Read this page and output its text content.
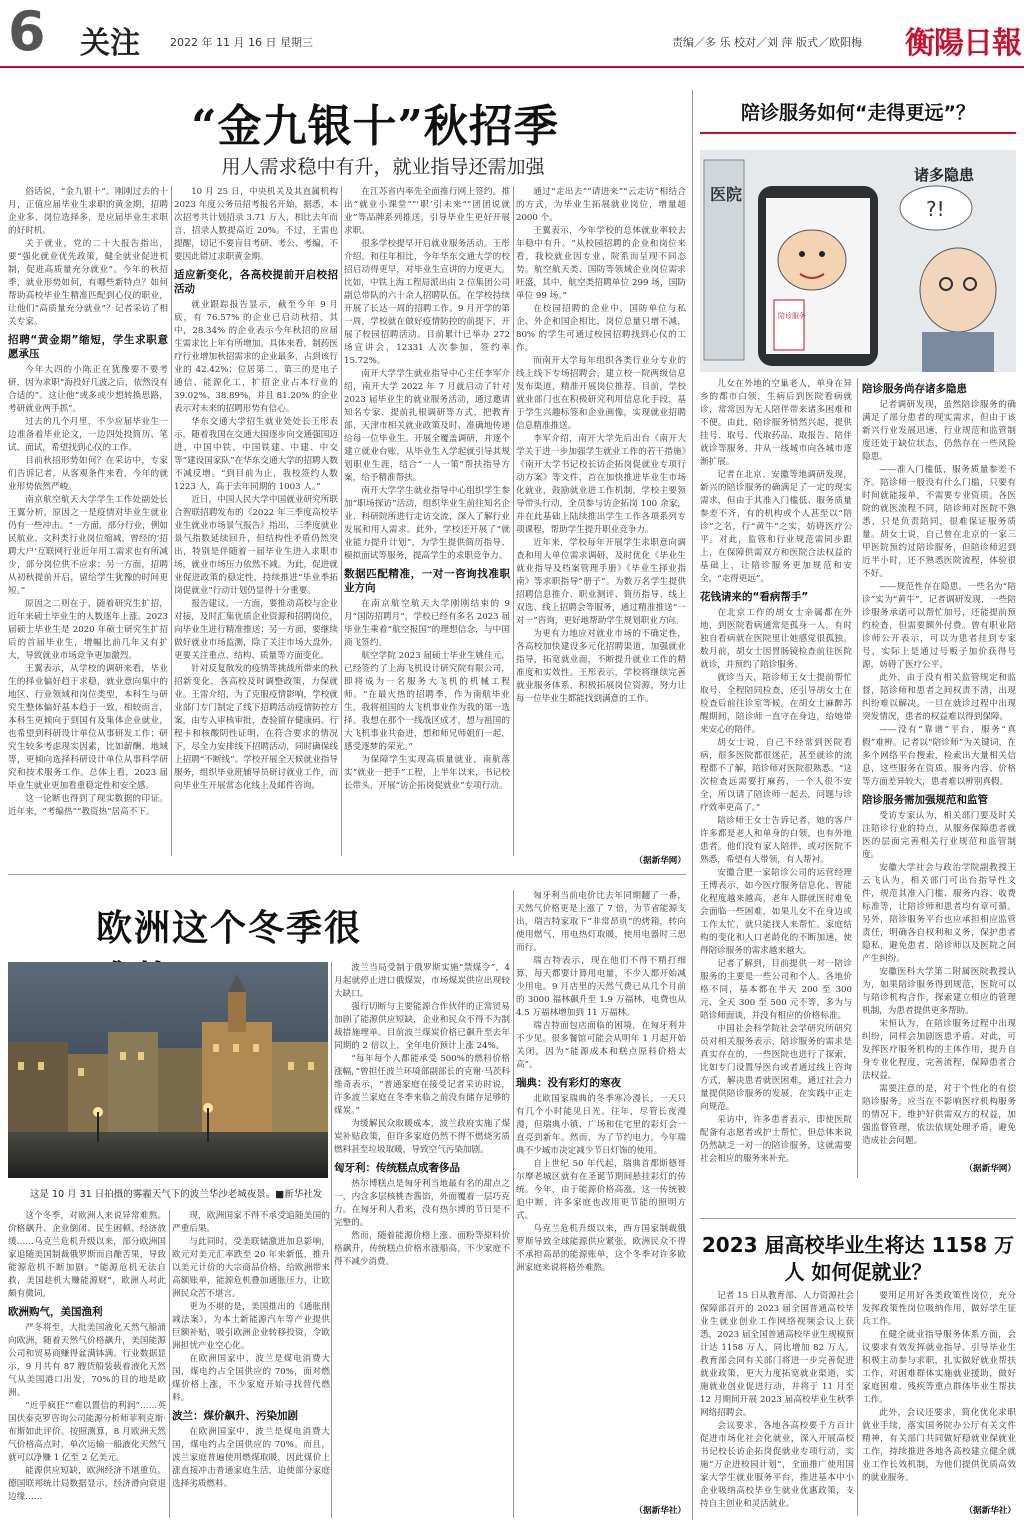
6 关注	2022 年 11 月 16 日 星期三	责编／多 乐 校对／刘 萍 版式／欧阳梅 衡陽日報
“金九银十”秋招季
用人需求稳中有升，就业指导还需加强

俗话说，“金九银十”。刚刚过去的十月，正值应届毕业生求职的黄金期，招聘企业多、岗位选择多，是应届毕业生求职的好时机。

关于就业，党的二十大报告指出，要“强化就业优先政策，健全就业促进机制，促进高质量充分就业”。今年的秋招季，就业形势如何，有哪些新特点？如何帮助高校毕业生精准匹配到心仪的职业，让他们“高质量充分就业”？记者采访了相关专家。

招聘“黄金期”缩短，学生求职意愿承压

今年大四的小陈正在犹豫要不要考研，因为求职“海投好几波之后，依然没有合适的”。这让他“或多或少想转换思路，考研就业两手抓”。

过去的几个月里，不少应届毕业生一边准备着毕业论文，一边四处投简历、笔试、面试，希望找到心仪的工作。

目前秋招形势如何？在采访中，专家们告诉记者，从客观条件来看，今年的就业形势依然严峻。

南京航空航天大学学生工作处副处长王翼分析，原因之一是疫情对毕业生就业仍有一些冲击。“一方面，部分行业，例如民航业、文科类行业岗位缩减，曾经的‘招聘大户’互联网行业近年用工需求也有所减少，部分岗位供不应求；另一方面，招聘从初秋提前开启，留给学生犹豫的时间更短。”

原因之二则在于，随着研究生扩招，近年来硕士毕业生的人数逐年上涨。2023 届硕士毕业生是 2020 年硕士研究生扩招后的首届毕业生，增幅比前几年又有扩大，导致就业市场竞争更加激烈。

王翼表示，从学校的调研来看，毕业生的择业偏好趋于求稳，就业意向集中的地区、行业领域和岗位类型，本科生与研究生整体偏好基本趋于一致，相较而言，本科生更倾向于到国有及集体企业就业，也希望到科研设计单位从事研发工作；研究生较多考虑现实因素，比如薪酬、地域等，更倾向选择科研设计单位从事科学研究和技术服务工作。总体上看，2023 届毕业生就业更加看重稳定性和安全感。

这一论断也得到了现实数据的印证。近年来，“考编热”“教资热”居高不下。

10 月 25 日，中央机关及其直属机构 2023 年度公务员招考报名开始，据悉，本次招考共计划招录 3.71 万人，相比去年而言，招录人数提高近 20%。不过，王雷也提醒，切记不要盲目考研、考公、考编，不要因此错过求职黄金期。

适应新变化，各高校提前开启校招活动

就业跟踪报告显示，截至今年 9 月底，有 76.57% 的企业已启动秋招，其中，28.34% 的企业表示今年秋招的应届生需求比上年有所增加。具体来看，制药医疗行业增加秋招需求的企业最多，占到该行业的 42.42%；位居第二、第三的是电子通信、能源化工，扩招企业占本行业的 39.02%、38.89%，并且 81.20% 的企业表示对未来的招聘形势有信心。

华东交通大学招生就业处处长王彤表示，随着我国在交通大国逐步向交通强国迈进，中国中铁、中国铁建、中建、中交等“建设国家队”在华东交通大学的招聘人数不减反增。“到目前为止，我校签约人数 1223 人，高于去年同期的 1003 人。”

近日，中国人民大学中国就业研究所联合智联招聘发布的《2022 年三季度高校毕业生就业市场景气报告》指出，三季度就业景气指数延续回升，但结构性矛盾仍然突出，特别是伴随着一届毕业生进入求职市场，就业市场压力依然不减。为此，促进就业促进政策的稳定性，持续推进“毕业季拓岗促就业”行动计划仍显得十分重要。

报告建议，一方面，要推动高校与企业对接，及时汇集优质企业资源和招聘岗位，向毕业生进行精准推送；另一方面，要继续做好就业市场监测，除了关注市场大盘外，更要关注重点、结构、质量等方面变化。

针对反复散发的疫情等挑战所带来的秋招新变化，各高校及时调整政策，力保就业。王雷介绍，为了克服疫情影响，学校就业部门专门制定了线下招聘活动疫情防控方案，由专人审核审批，查验留存健康码、行程卡和核酸阴性证明，在符合要求的情况下，尽全力安排线下招聘活动，同时确保线上招聘“不断线”。学校开展全天候就业指导服务，组织毕业班辅导员研讨就业工作，而向毕业生开展常态化线上及邮件咨询。

在江苏省内率先全面推行网上签约。推出“就业小课堂”“‘职’引未来”“团团说就业”等品牌系列推送，引导毕业生更好开展求职。

很多学校提早开启就业服务活动。王彤介绍，和往年相比，今年华东交通大学的校招启动得更早，对毕业生宣讲的力度更大。比如，中铁上海工程局派出由 2 位集团公司副总带队的六十余人招聘队伍，在学校持续开展了长达一周的招聘工作。9 月开学的第一周，学校就在做好疫情防控的前提下，开展了校园招聘活动。目前累计已举办 272 场宣讲会，12331 人次参加，签约率 15.72%。

南开大学学生就业指导中心主任李军介绍，南开大学 2022 年 7 月就启动了针对 2023 届毕业生的就业服务活动，通过邀请知名专家、提前扎根调研等方式，把教育部、天津市相关就业政策及时、准确地传递给每一位毕业生。开展全覆盖调研，并逐个建立就业台账，从毕业生入学起就引导其规划职业生涯，结合“一人一策”帮扶指导方案，给予精准帮扶。

南开大学学生就业指导中心组织学生参加“职场探访”活动，组织毕业生前往知名企业、科研院所进行走访交流，深入了解行业发展和用人需求。此外，学校还开展了“就业能力提升计划”，为学生提供简历指导、模拟面试等服务，提高学生的求职竞争力。

数据匹配精准，一对一咨询找准职业方向

在南京航空航天大学刚刚结束的 9 月“国防招聘月”，学校已经有多名 2023 届毕业生乘着“航空报国”的理想信念，与中国商飞签约。

航空学院 2023 届硕士毕业生姚佳元，已经签约了上海飞机设计研究院有限公司，即将成为一名服务大飞机的机械工程师。“在最火热的招聘季，作为南航毕业生，我将祖国的大飞机事业作为我的第一选择。我想在那个一线战区成才，想与祖国的大飞机事业共奋进，想和师兄师姐们一起，感受逐梦的荣光。”

为保障学生实现高质量就业，南航落实“就业一把手”工程，上半年以来，书记校长带头，开展“访企拓岗促就业”专项行动。

通过“走出去”“请进来”“云走访”相结合的方式，为毕业生拓展就业岗位，增量超 2000 个。

王翼表示，今年学校的总体就业率较去年稳中有升。“从校园招聘的企业和岗位来看，我校就业因专业、院系而呈现不同态势。航空航天类、国防等领域企业岗位需求旺盛，其中，航空类招聘单位 299 场，国防单位 99 场。”

在校园招聘的企业中，国防单位与私企、外企和国企相比，岗位总量只增不减，80% 的学生可通过校园招聘找到心仪的工作。

而南开大学每年组织各类行业分专业的线上线下专场招聘会，建立校一院两级信息发布渠道，精准开展岗位推荐。目前，学校就业部门也在积极研究利用信息化手段，基于学生兴趣标签和企业画像，实现就业招聘信息精准推送。

李军介绍，南开大学先后出台《南开大学关于进一步加强学生就业工作的若干措施》《南开大学书记校长访企拓岗促就业专项行动方案》等文件，首在加快推进毕业生市场化就业，鼓励就业进工作机制，学校主要领导带头行动，全员参与访企拓岗 100 余家，并在此基础上陆续推出学生工作各项系列专项课程，帮助学生提升职业竞争力。

近年来，学校每年开展学生求职意向调查和用人单位需求调研，及时优化《毕业生就业指导及档案管理手册》《毕业生择业指南》等求职指导“册子”。为数万名学生提供招聘信息推介、职业测评、简历指导、线上双选、线上招聘会等服务，通过精准推送“一对一”咨询，更好地帮助学生规划职业方向。

为更有力地应对就业市场的不确定性，各高校加快建设多元化招聘渠道，加强就业指导，拓宽就业面，不断提升就业工作的精准度和实效性。王彤表示，学校将继续完善就业服务体系，积极拓展岗位资源，努力让每一位毕业生都能找到满意的工作。

（据新华网）

陪诊服务如何“走得更远”？
医院
陪诊服务
?!
诸多隐患

儿女在外地的空巢老人，单身在异乡的都市白领，生病后到医院看病就诊，常常因为无人陪伴带来诸多困难和不便。由此，陪诊服务悄然兴起，提供挂号、取号、代取药品、取报告、陪伴就诊等服务，并从一线城市向各城市逐渐扩展。

记者在北京、安徽等地调研发现，新兴的陪诊服务的确满足了一定的现实需求，但由于其准入门槛低、服务质量参差不齐，有的机构或个人甚至以“陪诊”之名，行“黄牛”之实，妨碍医疗公平。对此，监管和行业规范需同步跟上，在保障供需双方和医院合法权益的基础上，让陪诊服务更加规范和安全，“走得更远”。

花钱请来的“看病帮手”

在北京工作的胡女士亲属都在外地，到医院看病通常是孤身一人，有时独自看病就在医院里让她感觉很孤独。数月前，胡女士因胃肠镜检查前往医院就诊，并预约了陪诊服务。

就诊当天，陪诊师王女士提前帮忙取号、全程陪同检查，还引导胡女士在检查后前往诊室等候。在胡女士麻醉苏醒期间，陪诊师一直守在身边，给她带来安心的陪伴。

胡女士说，自己不经常到医院看病，很多医院都很迷茫，甚至就诊的流程都不了解，陪诊师对医院很熟悉。“这次检查远需要打麻药，一个人很不安全，所以请了陪诊师一起去，问题与诊疗效率更高了。”

陪诊师王女士告诉记者，她的客户许多都是老人和单身的白领，也有外地患者。他们没有家人陪伴，或对医院不熟悉，希望有人带领，有人帮衬。

安徽合肥一家陪诊公司的运营经理王博表示，如今医疗服务信息化、智能化程度越来越高，老年人群就医时难免会面临一些困难，如果儿女不在身边或工作太忙，就只能找人来帮忙。家庭结构的变化和人口老龄化的不断加速，使得陪诊服务的需求越来越大。

记者了解到，目前提供一对一陪诊服务的主要是一些公司和个人。各地价格不同，基本都在半天 200 至 300 元、全天 300 至 500 元不等，多为与陪诊师面谈，并没有相应的价格标准。

中国社会科学院社会学研究所研究员对相关服务表示，陪诊服务的需求是真实存在的，一些医院也进行了探索，比如专门设置导医台或者通过线上咨询方式，解决患者就医困难，通过社会力量提供陪诊服务的发展，在实践中正走向规范。

采访中，许多患者表示，即使医院配备有志愿者或护士帮忙，但总体来说仍然缺乏一对一的陪诊服务，这就需要社会相应的服务来补充。

陪诊服务尚存诸多隐患

记者调研发现，虽然陪诊服务的确满足了部分患者的现实需求，但由于该新兴行业发展迅速，行业规范和监管制度还处于缺位状态，仍然存在一些风险隐患。

——准入门槛低，服务质量参差不齐。陪诊师一般没有什么门槛，只要有时间就能接单，不需要专业资质。各医院的就医流程不同，陪诊师对医院不熟悉，只是负责陪同，很难保证服务质量。胡女士说，自己曾在北京的一家三甲医院预约过陪诊服务，但陪诊师迟到近半小时，还不熟悉医院流程，体验很不好。

——规范性存在隐患。一些名为“陪诊”实为“黄牛”，记者调研发现，一些陪诊服务承诺可以帮忙加号，还能提前预约检查，但需要额外付费。曾有职业陪诊师公开表示，可以为患者挂到专家号，实际上是通过号贩子加价获得号源，妨碍了医疗公平。

此外，由于没有相关监管规定和监督，陪诊师和患者之间权责不清，出现纠纷难以解决。一旦在就诊过程中出现突发情况，患者的权益难以得到保障。

——没有“靠谱”平台，服务“真假”难辨。记者以“陪诊师”为关键词，在多个网络平台搜索，检索出大量相关信息，这些服务在资质、服务内容、价格等方面差异较大，患者难以辨别真假。

陪诊服务需加强规范和监管

受访专家认为，相关部门要及时关注陪诊行业的特点，从服务保障患者就医的层面完善相关行业规范和监管制度。

安徽大学社会与政治学院副教授王云飞认为，相关部门可出台指导性文件，规范其准入门槛、服务内容、收费标准等，让陪诊师和患者均有章可循。另外，陪诊服务平台也应承担相应监管责任，明确各自权利和义务，保护患者隐私，避免患者、陪诊师以及医院之间产生纠纷。

安徽医科大学第二附属医院教授认为，如果陪诊服务得到规范，医院可以与陪诊机构合作，探索建立相应的管理机制，为患者提供更多帮助。

宋恒认为，在陪诊服务过程中出现纠纷，同样会加剧医患矛盾。对此，可发挥医疗服务机构的主体作用，提升自身专业化程度，完善流程，保障患者合法权益。

需要注意的是，对于个性化的有偿陪诊服务，应当在不影响医疗机构服务的情况下，维护好供需双方的权益，加强监督管理，依法依规处理矛盾，避免造成社会问题。

（据新华网）

2023 届高校毕业生将达 1158 万人 如何促就业？

记者 15 日从教育部、人力资源社会保障部召开的 2023 届全国普通高校毕业生就业创业工作网络视频会议上获悉，2023 届全国普通高校毕业生规模预计达 1158 万人，同比增加 82 万人。教育部会同有关部门将进一步完善促进就业政策，更大力度拓宽就业渠道，实施就业创业促进行动，并将于 11 月至 12 月期间开展 2023 届高校毕业生秋季网络招聘会。

会议要求，各地各高校要千方百计促进市场化社会化就业，深入开展高校书记校长访企拓岗促就业专项行动，实施“万企进校园计划”，全面推广使用国家大学生就业服务平台，推进基本中小企业吸纳高校毕业生就业优惠政策，支持自主创业和灵活就业。

要用足用好各类政策性岗位，充分发挥政策性岗位吸纳作用，做好学生征兵工作。

在健全就业指导服务体系方面，会议要求有效发挥就业指导、引导毕业生积极主动参与求职，扎实做好就业帮扶工作，对困难群体实施就业援助，做好家庭困难、残疾等重点群体毕业生帮扶工作。

此外，会议还要求，简化优化求职就业手续，落实国务院办公厅有关文件精神，有关部门共同做好稳就业保就业工作，持续推进各地各高校建立健全就业工作长效机制，为他们提供优质高效的就业服务。

（据新华社）

欧洲这个冬季很
这是 10 月 31 日拍摄的雾霾天气下的波兰华沙老城夜景。■新华社发

波兰当局受制于俄罗斯实施“禁煤令”，4 月起就停止进口俄煤炭，市场煤炭供应出现较大缺口。

强行切断与主要能源合作伙伴的正常贸易加剧了能源供应短缺，企业和民众不得不为制裁措施埋单。目前波兰煤炭价格已飙升至去年同期的 2 倍以上，全年电价预计上涨 24%。

“每年每个人都能承受 500%的燃料价格涨幅，”曾担任波兰环境部副部长的克谢·马茨科维奇表示，“普通家庭在接受记者采访时说，许多波兰家庭在冬季来临之前没有储存足够的煤炭。”

为缓解民众取暖成本，波兰政府实施了煤炭补贴政策，但许多家庭仍然不得不燃烧劣质燃料甚至垃圾取暖，导致空气污染加剧。

匈牙利：传统糕点成奢侈品

热尔博糕点是匈牙利当地最有名的甜点之一，内含多层核桃杏酱馅，外面覆着一层巧克力。在匈牙利人看来，没有热尔博的节日是不完整的。

然而，随着能源价格上涨、面粉等原料价格飙升，传统糕点价格水涨船高，不少家庭不得不减少消费。

匈牙利当前电价比去年同期翻了一番，天然气价格更是上涨了 7 倍，为节省能源支出，瑞吉特家取下“非常昂贵”的烤箱，转向使用燃气，用电热灯取暖，使用电器时三思而行。

瑞吉特表示，现在他们不得不精打细算，每天都要计算用电量，不少人都开始减少用电。9 月店里的天然气费已从几个月前的 3000 福林飙升至 1.9 万福林，电费也从 4.5 万福林增加到 11 万福林。

瑞吉特面包店面临的困境，在匈牙利并不少见。很多餐馆可能会从明年 1 月起开始关闭，因为“能源成本和糕点原料价格太高”。

瑞典：没有彩灯的寒夜

北欧国家瑞典的冬季寒冷漫长，一天只有几个小时能见日光。往年，尽管长夜漫漫，但瑞典小镇、广场和住宅里的彩灯会一直亮到新年。然而，为了节约电力，今年瑞典不少城市决定减少节日灯饰的使用。

自上世纪 50 年代起，瑞典首都斯德哥尔摩老城区就有在圣诞节期间悬挂彩灯的传统。今年，由于能源价格高涨，这一传统被迫中断，许多家庭也改用更节能的照明方式。

乌克兰危机升级以来，西方国家制裁俄罗斯导致全球能源供应紧张，欧洲民众不得不承担高昂的能源账单，这个冬季对许多欧洲家庭来说将格外难熬。

（据新华社）

这个冬季，对欧洲人来说异常难熬。价格飙升、企业倒闭、民生困顿、经济放缓……乌克兰危机升级以来，部分欧洲国家追随美国制裁俄罗斯而自酿苦果，导致能源危机不断加剧。“能源危机无法自救，美国趁机大赚能源财”，欧洲人对此颇有微词。

欧洲购气，美国渔利

严冬将至，大批美国液化天然气船涌向欧洲，随着天然气价格飙升，美国能源公司和贸易商赚得盆满钵满。行业数据显示，9 月共有 87 艘货船装载着液化天然气从美国港口出发，70%的目的地是欧洲。

“近乎疯狂”“难以置信的利润”……英国伏泰克罗咨询公司能源分析师菲利克斯·布斯如此评价。按照测算，8 月欧洲天然气价格高点时，单次运输一船液化天然气就可以净赚 1 亿至 2 亿美元。

能源供应短缺，欧洲经济不堪重负。德国联邦统计局数据显示，经济滑向衰退边缘……

现，欧洲国家不得不承受追随美国的严重后果。

与此同时，受美联储激进加息影响，欧元对美元汇率跌至 20 年来新低，推升以美元计价的大宗商品价格，给欧洲带来高额账单，能源危机叠加通胀压力，让欧洲民众苦不堪言。

更为不堪的是，美国推出的《通胀削减法案》，为本土新能源汽车等产业提供巨额补贴，吸引欧洲企业转移投资，令欧洲担忧产业空心化。

在欧洲国家中，波兰是煤电消费大国，煤电约占全国供应的 70%，面对燃煤价格上涨，不少家庭开始寻找替代燃料。

波兰：煤价飙升、污染加剧

在欧洲国家中，波兰是煤电消费大国，煤电约占全国供应的 70%。而且，波兰家庭普遍使用燃煤取暖，因此煤价上涨直接冲击普通家庭生活，迫使部分家庭选择劣质燃料。
